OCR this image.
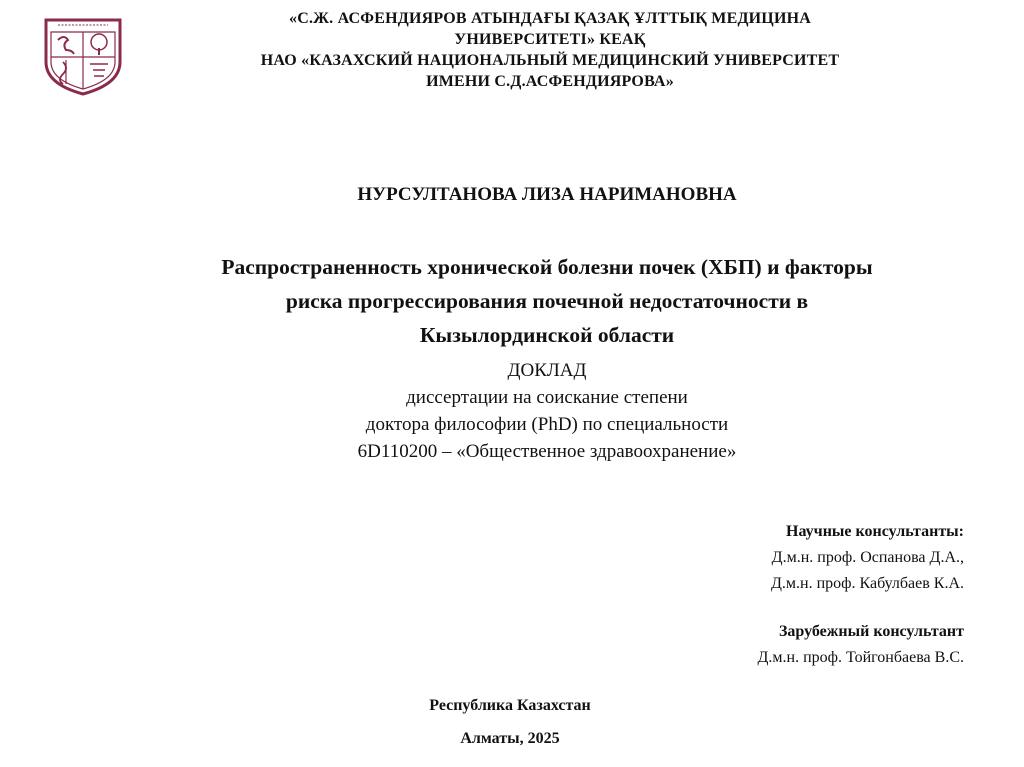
«С.Ж. АСФЕНДИЯРОВ АТЫНДАҒЫ ҚАЗАҚ ҰЛТТЫҚ МЕДИЦИНА
УНИВЕРСИТЕТІ» КЕАҚ
НАО «КАЗАХСКИЙ НАЦИОНАЛЬНЫЙ МЕДИЦИНСКИЙ УНИВЕРСИТЕТ
ИМЕНИ С.Д.АСФЕНДИЯРОВА»
НУРСУЛТАНОВА ЛИЗА НАРИМАНОВНА
Распространенность хронической болезни почек (ХБП) и факторы
риска прогрессирования почечной недостаточности в
Кызылординской области
ДОКЛАД
диссертации на соискание степени
доктора философии (PhD) по специальности
6D110200 – «Общественное здравоохранение»
Научные консультанты:
Д.м.н. проф. Оспанова Д.А.,
Д.м.н. проф. Кабулбаев К.А.
Зарубежный консультант
Д.м.н. проф. Тойгонбаева В.С.
Республика Казахстан
Алматы, 2025
